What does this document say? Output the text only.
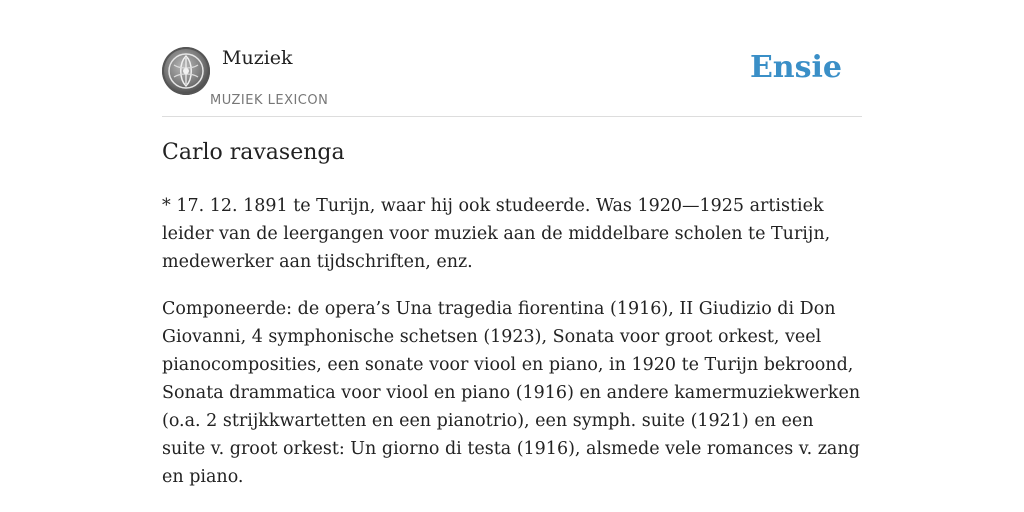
Muziek
MUZIEK LEXICON
Ensie
Carlo ravasenga

* 17. 12. 1891 te Turijn, waar hij ook studeerde. Was 1920—1925 artistiek leider van de leergangen voor muziek aan de middelbare scholen te Turijn, medewerker aan tijdschriften, enz.

Componeerde: de opera’s Una tragedia fiorentina (1916), II Giudizio di Don Giovanni, 4 symphonische schetsen (1923), Sonata voor groot orkest, veel pianocomposities, een sonate voor viool en piano, in 1920 te Turijn bekroond, Sonata drammatica voor viool en piano (1916) en andere kamermuziekwerken (o.a. 2 strijkkwartetten en een pianotrio), een symph. suite (1921) en een suite v. groot orkest: Un giorno di testa (1916), alsmede vele romances v. zang en piano.
